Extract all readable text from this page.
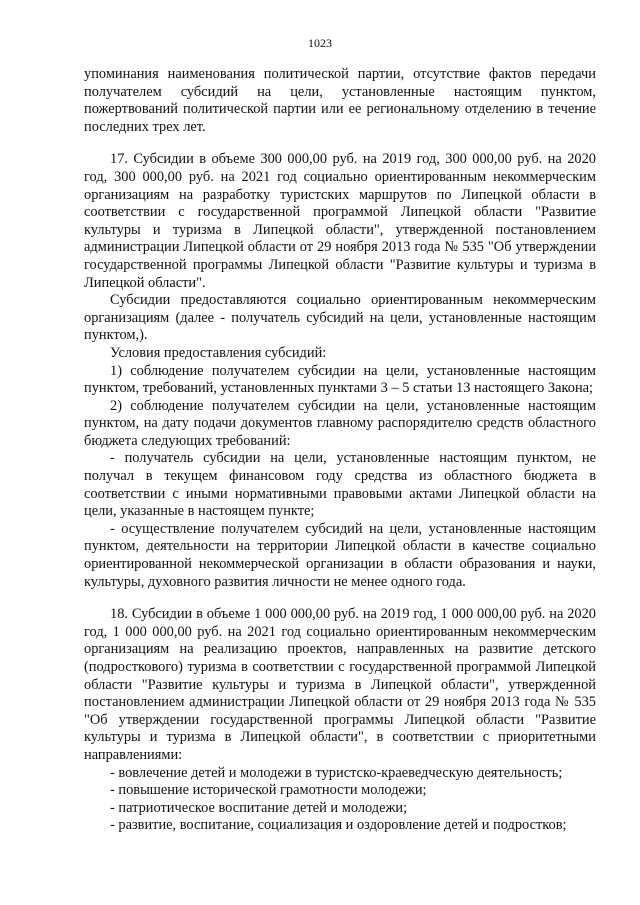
1023

упоминания наименования политической партии, отсутствие фактов передачи получателем субсидий на цели, установленные настоящим пунктом, пожертвований политической партии или ее региональному отделению в течение последних трех лет.

17. Субсидии в объеме 300 000,00 руб. на 2019 год, 300 000,00 руб. на 2020 год, 300 000,00 руб. на 2021 год социально ориентированным некоммерческим организациям на разработку туристских маршрутов по Липецкой области в соответствии с государственной программой Липецкой области "Развитие культуры и туризма в Липецкой области", утвержденной постановлением администрации Липецкой области от 29 ноября 2013 года № 535 "Об утверждении государственной программы Липецкой области "Развитие культуры и туризма в Липецкой области".

Субсидии предоставляются социально ориентированным некоммерческим организациям (далее - получатель субсидий на цели, установленные настоящим пунктом,).

Условия предоставления субсидий:

1) соблюдение получателем субсидии на цели, установленные настоящим пунктом, требований, установленных пунктами 3 – 5 статьи 13 настоящего Закона;

2) соблюдение получателем субсидии на цели, установленные настоящим пунктом, на дату подачи документов главному распорядителю средств областного бюджета следующих требований:

- получатель субсидии на цели, установленные настоящим пунктом, не получал в текущем финансовом году средства из областного бюджета в соответствии с иными нормативными правовыми актами Липецкой области на цели, указанные в настоящем пункте;

- осуществление получателем субсидий на цели, установленные настоящим пунктом, деятельности на территории Липецкой области в качестве социально ориентированной некоммерческой организации в области образования и науки, культуры, духовного развития личности не менее одного года.

18. Субсидии в объеме 1 000 000,00 руб. на 2019 год, 1 000 000,00 руб. на 2020 год, 1 000 000,00 руб. на 2021 год социально ориентированным некоммерческим организациям на реализацию проектов, направленных на развитие детского (подросткового) туризма в соответствии с государственной программой Липецкой области "Развитие культуры и туризма в Липецкой области", утвержденной постановлением администрации Липецкой области от 29 ноября 2013 года № 535 "Об утверждении государственной программы Липецкой области "Развитие культуры и туризма в Липецкой области", в соответствии с приоритетными направлениями:

- вовлечение детей и молодежи в туристско-краеведческую деятельность;

- повышение исторической грамотности молодежи;

- патриотическое воспитание детей и молодежи;

- развитие, воспитание, социализация и оздоровление детей и подростков;
